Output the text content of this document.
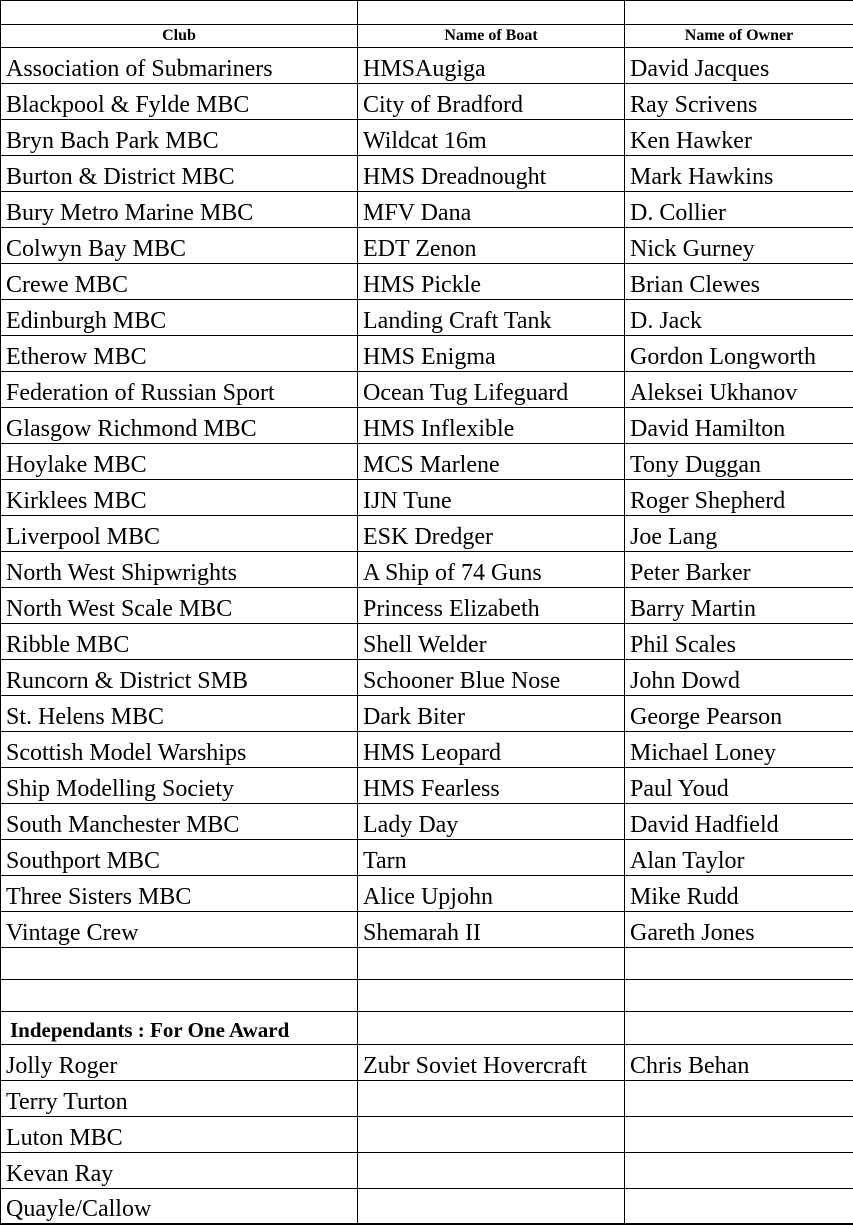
Club	Name of Boat	Name of Owner
Association of Submariners	HMSAugiga	David Jacques
Blackpool & Fylde MBC	City of Bradford	Ray Scrivens
Bryn Bach Park MBC	Wildcat 16m	Ken Hawker
Burton & District MBC	HMS Dreadnought	Mark Hawkins
Bury Metro Marine MBC	MFV Dana	D. Collier
Colwyn Bay MBC	EDT Zenon	Nick Gurney
Crewe MBC	HMS Pickle	Brian Clewes
Edinburgh MBC	Landing Craft Tank	D. Jack
Etherow MBC	HMS Enigma	Gordon Longworth
Federation of Russian Sport	Ocean Tug Lifeguard	Aleksei Ukhanov
Glasgow Richmond MBC	HMS Inflexible	David Hamilton
Hoylake MBC	MCS Marlene	Tony Duggan
Kirklees MBC	IJN Tune	Roger Shepherd
Liverpool MBC	ESK Dredger	Joe Lang
North West Shipwrights	A Ship of 74 Guns	Peter Barker
North West Scale MBC	Princess Elizabeth	Barry Martin
Ribble MBC	Shell Welder	Phil Scales
Runcorn & District SMB	Schooner Blue Nose	John Dowd
St. Helens MBC	Dark Biter	George Pearson
Scottish Model Warships	HMS Leopard	Michael Loney
Ship Modelling Society	HMS Fearless	Paul Youd
South Manchester MBC	Lady Day	David Hadfield
Southport MBC	Tarn	Alan Taylor
Three Sisters MBC	Alice Upjohn	Mike Rudd
Vintage Crew	Shemarah II	Gareth Jones

Independants : For One Award		
Jolly Roger	Zubr Soviet Hovercraft	Chris Behan
Terry Turton		
Luton MBC		
Kevan Ray		
Quayle/Callow		
